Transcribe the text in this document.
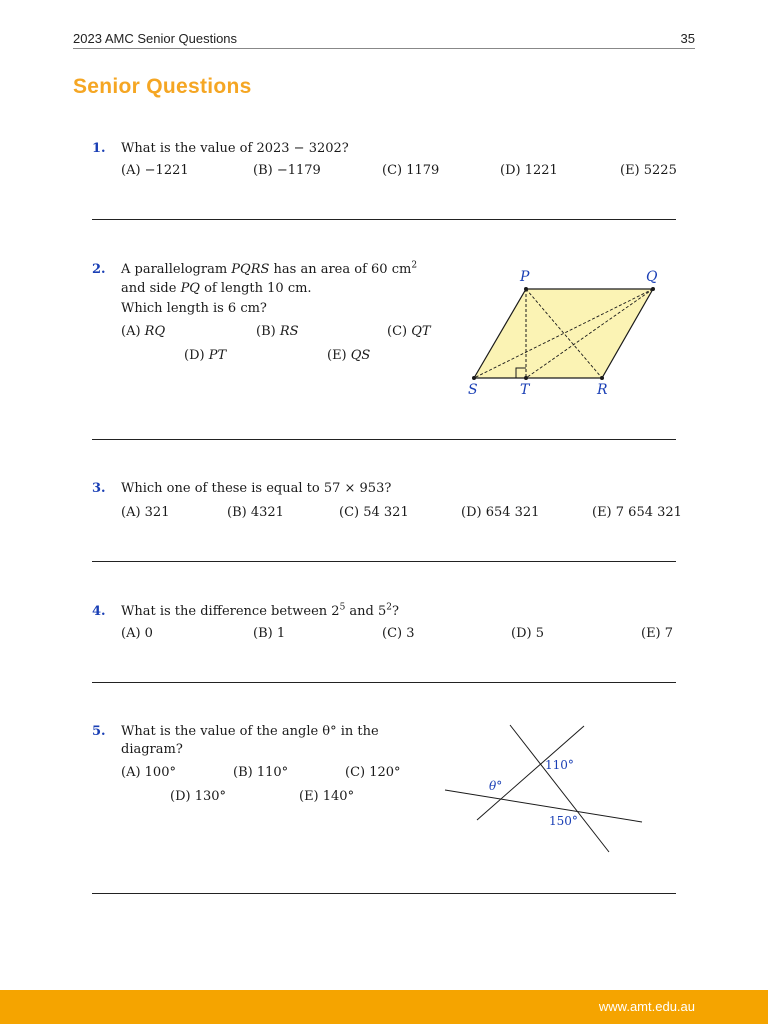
2023 AMC Senior Questions	35
Senior Questions
1. What is the value of 2023 − 3202?
(A) −1221	(B) −1179	(C) 1179	(D) 1221	(E) 5225
2. A parallelogram PQRS has an area of 60 $cm^2$
and side PQ of length 10 cm.
Which length is 6 cm?
(A) RQ	(B) RS	(C) QT
(D) PT	(E) QS
P	Q
S	T	R
3. Which one of these is equal to 57 × 953?
(A) 321	(B) 4321	(C) 54 321	(D) 654 321	(E) 7 654 321
4. What is the difference between $2^5$ and $5^2$?
(A) 0	(B) 1	(C) 3	(D) 5	(E) 7
5. What is the value of the angle θ° in the
diagram?
(A) 100°	(B) 110°	(C) 120°
(D) 130°	(E) 140°
110°
θ°
150°
www.amt.edu.au
